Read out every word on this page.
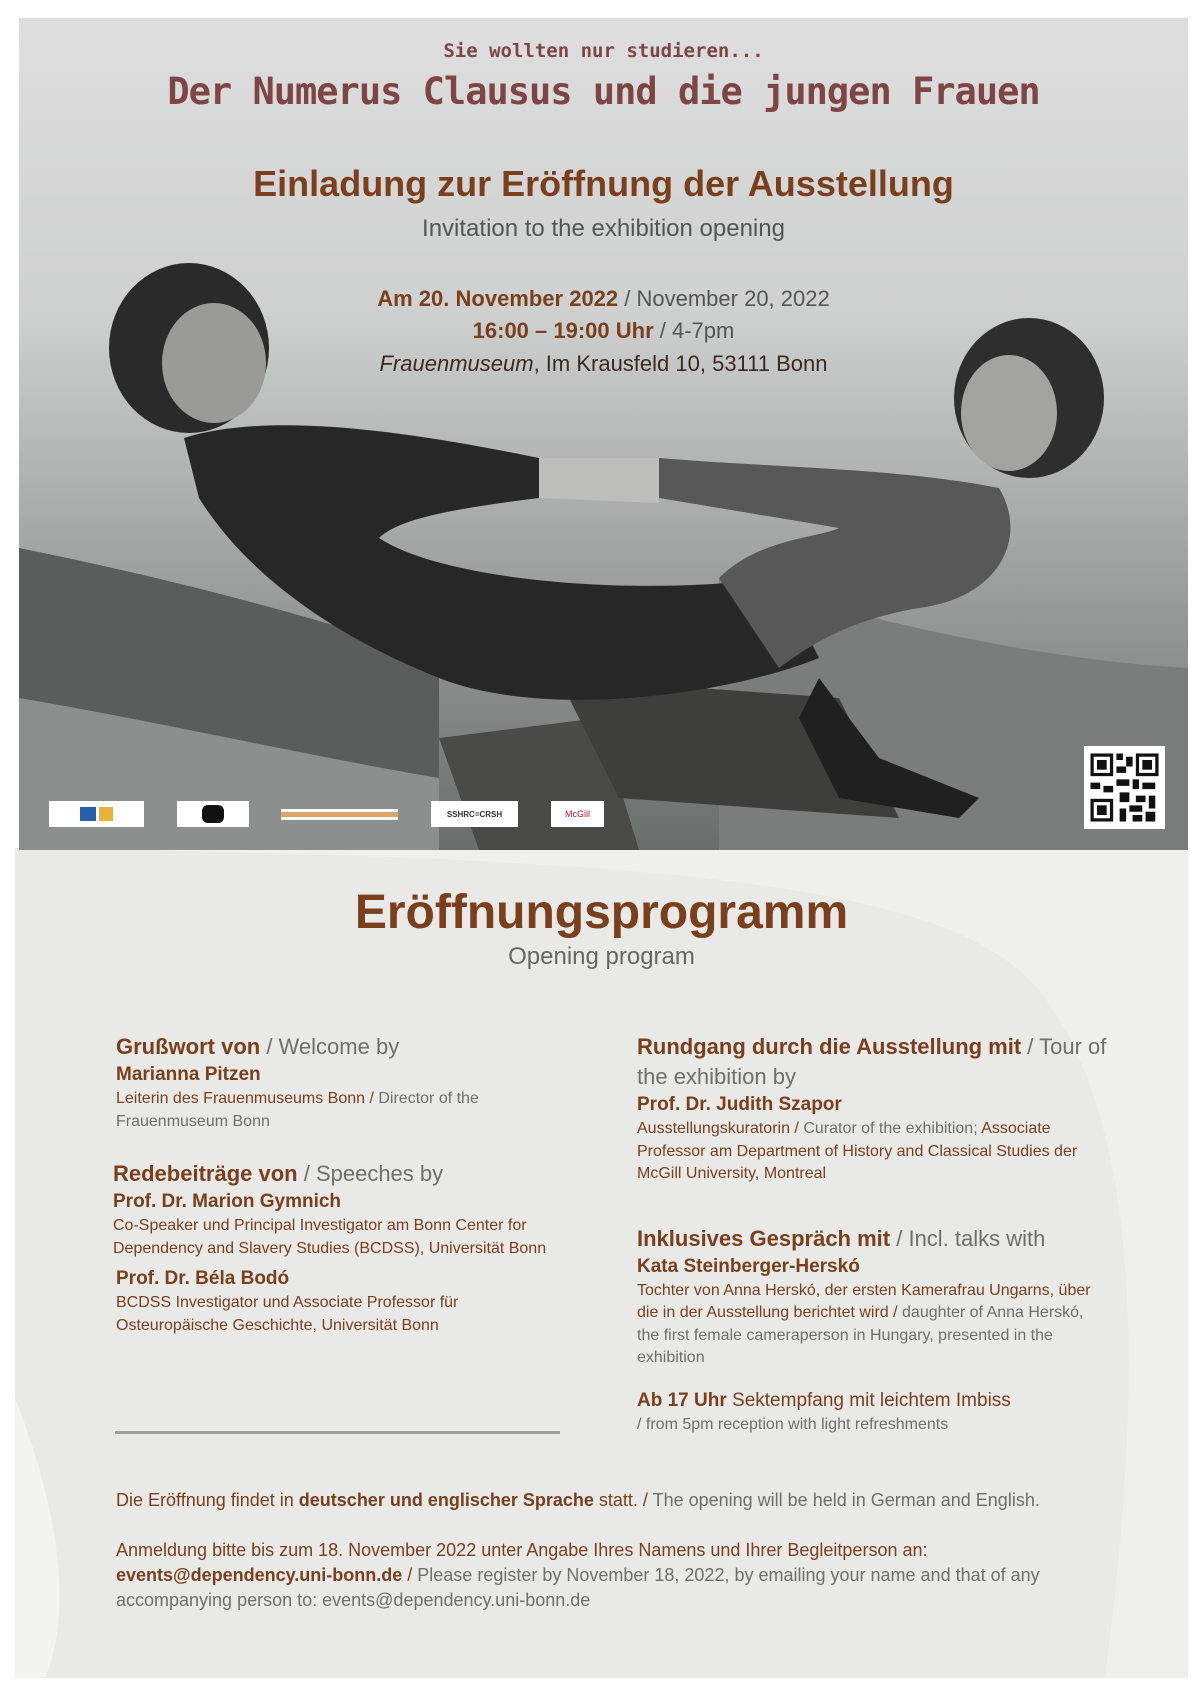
Sie wollten nur studieren...
Der Numerus Clausus und die jungen Frauen
Einladung zur Eröffnung der Ausstellung
Invitation to the exhibition opening
Am 20. November 2022 / November 20, 2022
16:00 – 19:00 Uhr / 4-7pm
Frauenmuseum, Im Krausfeld 10, 53111 Bonn
SSHRC=CRSH	McGill
Eröffnungsprogramm
Opening program
Grußwort von / Welcome by
Marianna Pitzen
Leiterin des Frauenmuseums Bonn / Director of the Frauenmuseum Bonn
Redebeiträge von / Speeches by
Prof. Dr. Marion Gymnich
Co-Speaker und Principal Investigator am Bonn Center for Dependency and Slavery Studies (BCDSS), Universität Bonn
Prof. Dr. Béla Bodó
BCDSS Investigator und Associate Professor für Osteuropäische Geschichte, Universität Bonn
Rundgang durch die Ausstellung mit / Tour of the exhibition by
Prof. Dr. Judith Szapor
Ausstellungskuratorin / Curator of the exhibition; Associate Professor am Department of History and Classical Studies der McGill University, Montreal
Inklusives Gespräch mit / Incl. talks with
Kata Steinberger-Herskó
Tochter von Anna Herskó, der ersten Kamerafrau Ungarns, über die in der Ausstellung berichtet wird / daughter of Anna Herskó, the first female cameraperson in Hungary, presented in the exhibition
Ab 17 Uhr Sektempfang mit leichtem Imbiss
/ from 5pm reception with light refreshments
Die Eröffnung findet in deutscher und englischer Sprache statt. / The opening will be held in German and English.
Anmeldung bitte bis zum 18. November 2022 unter Angabe Ihres Namens und Ihrer Begleitperson an:
events@dependency.uni-bonn.de / Please register by November 18, 2022, by emailing your name and that of any accompanying person to: events@dependency.uni-bonn.de
